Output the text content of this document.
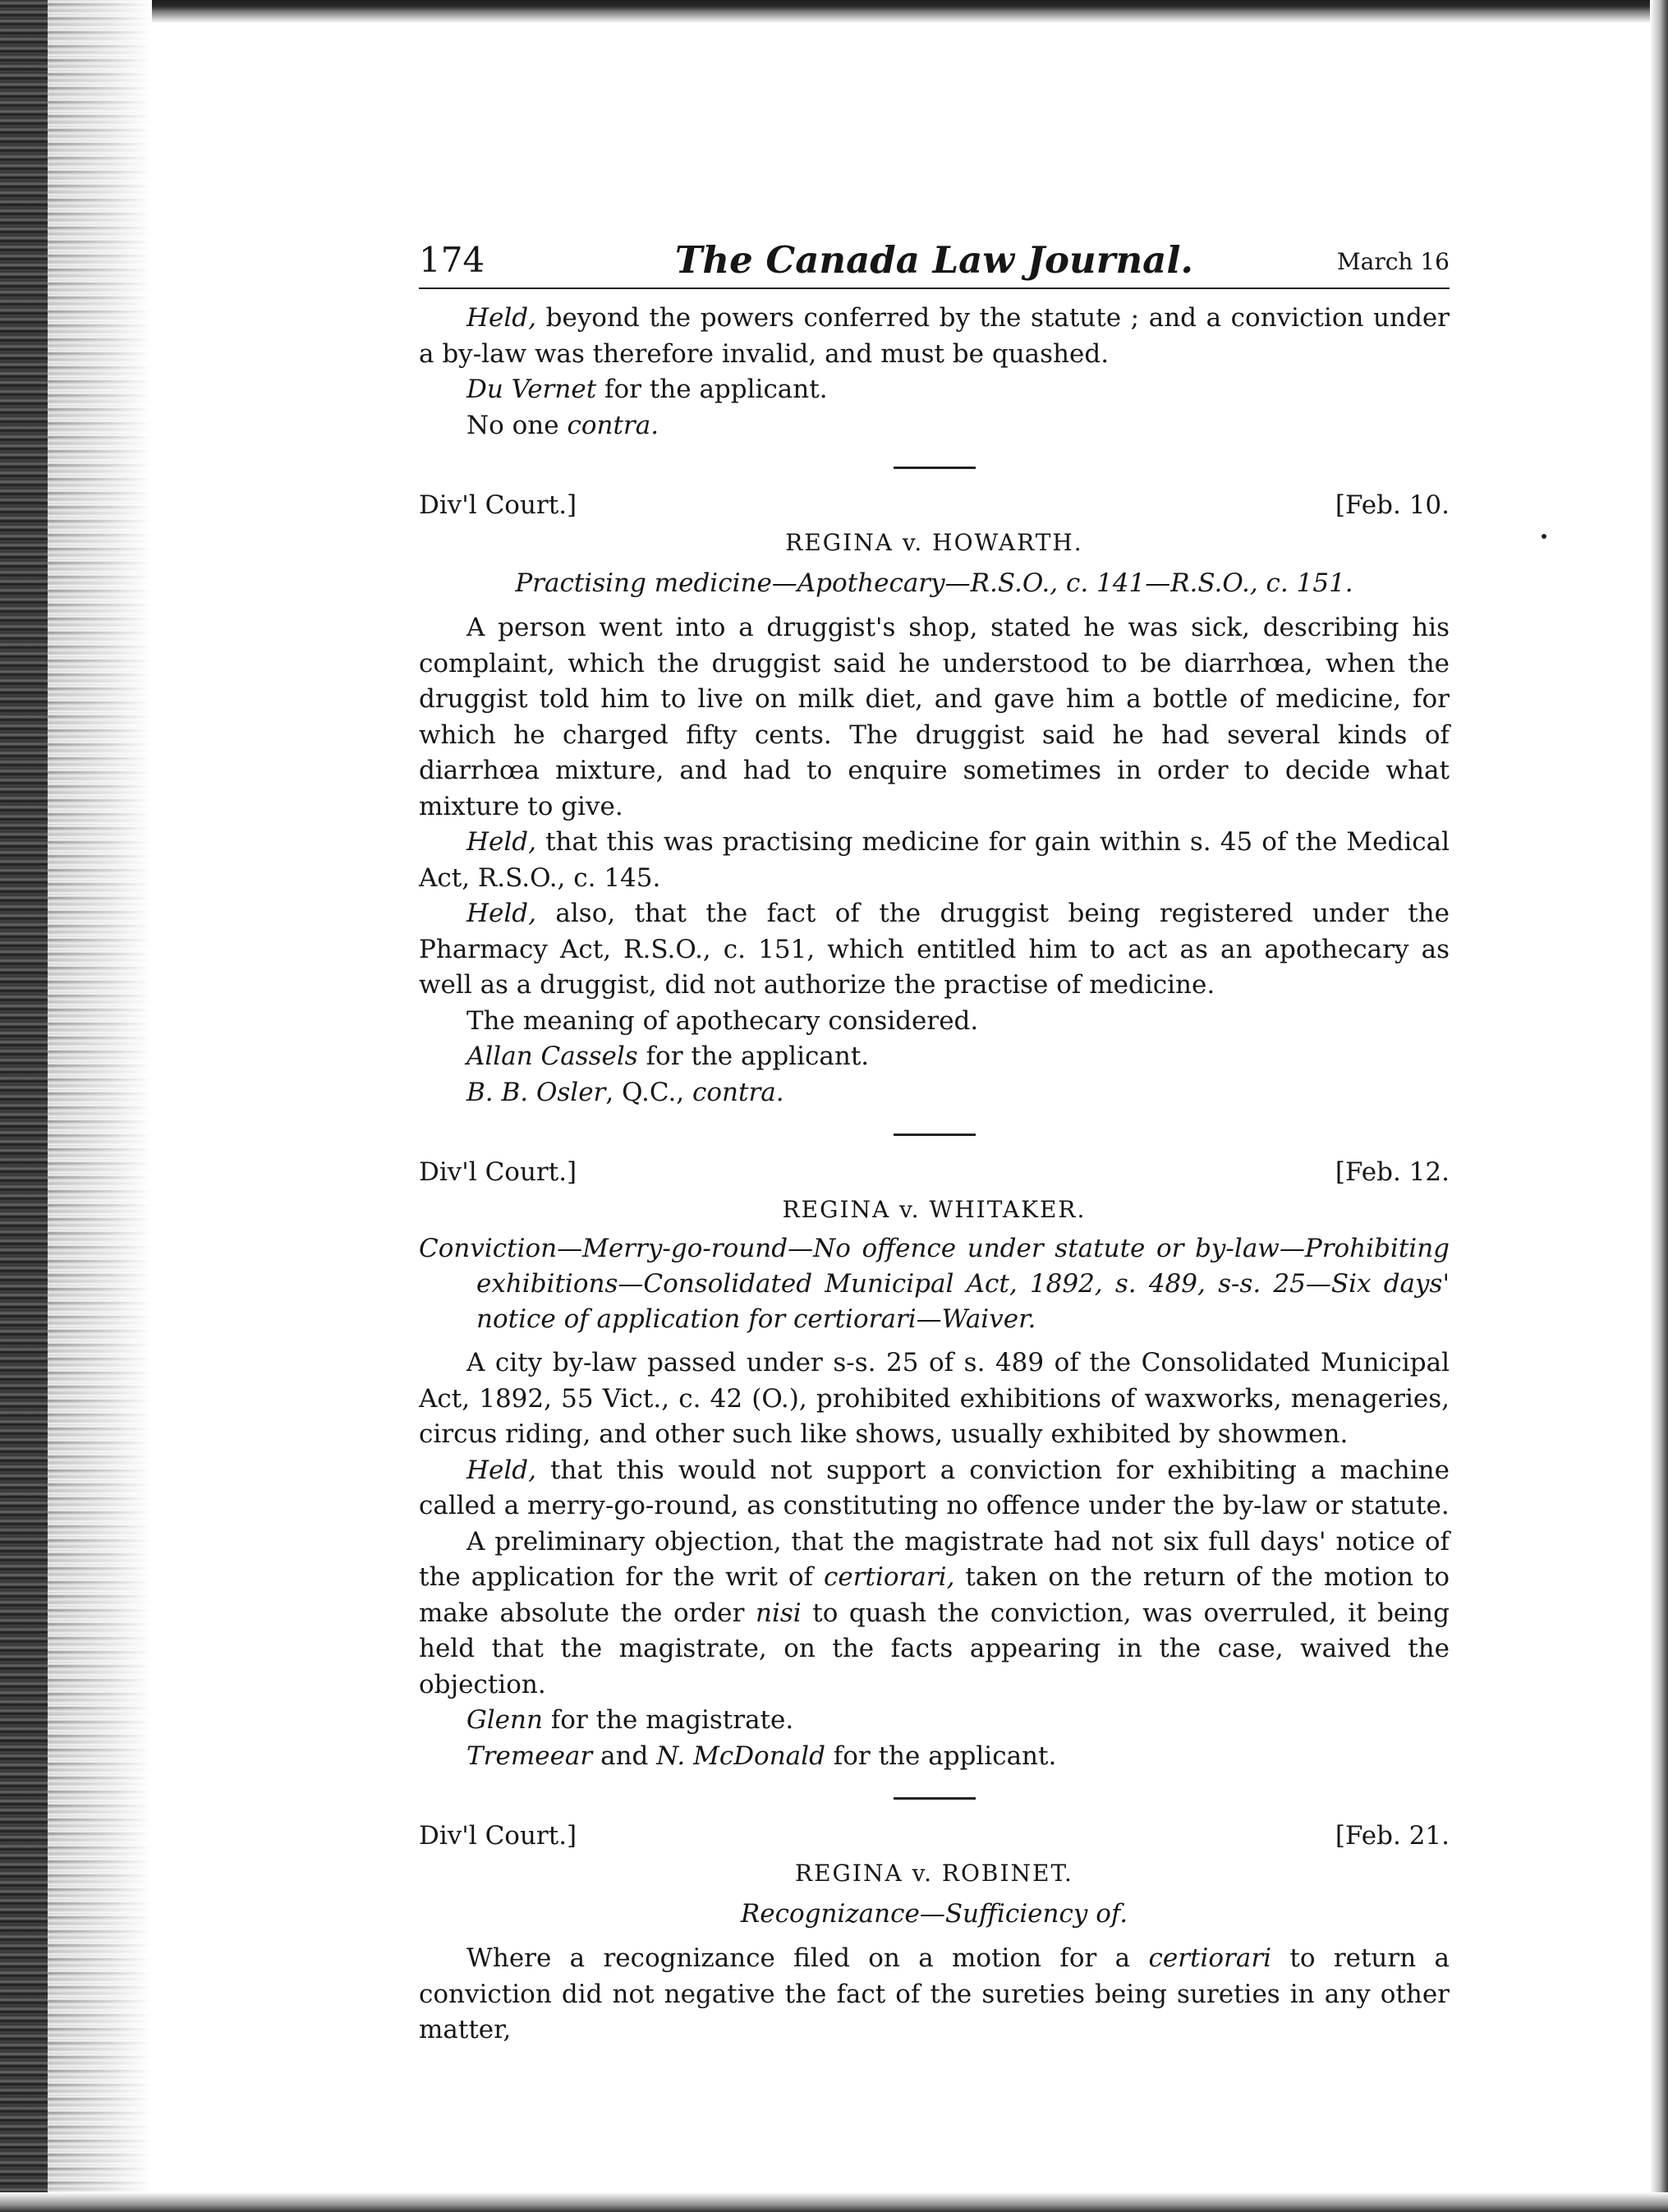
174	The Canada Law Journal.	March 16

Held, beyond the powers conferred by the statute ; and a conviction under a by-law was therefore invalid, and must be quashed.

Du Vernet for the applicant.

No one contra.

Div'l Court.]	[Feb. 10.
REGINA v. HOWARTH.
Practising medicine—Apothecary—R.S.O., c. 141—R.S.O., c. 151.

A person went into a druggist's shop, stated he was sick, describing his complaint, which the druggist said he understood to be diarrhœa, when the druggist told him to live on milk diet, and gave him a bottle of medicine, for which he charged fifty cents. The druggist said he had several kinds of diarrhœa mixture, and had to enquire sometimes in order to decide what mixture to give.

Held, that this was practising medicine for gain within s. 45 of the Medical Act, R.S.O., c. 145.

Held, also, that the fact of the druggist being registered under the Pharmacy Act, R.S.O., c. 151, which entitled him to act as an apothecary as well as a druggist, did not authorize the practise of medicine.

The meaning of apothecary considered.

Allan Cassels for the applicant.

B. B. Osler, Q.C., contra.

Div'l Court.]	[Feb. 12.
REGINA v. WHITAKER.
Conviction—Merry-go-round—No offence under statute or by-law—Prohibiting exhibitions—Consolidated Municipal Act, 1892, s. 489, s-s. 25—Six days' notice of application for certiorari—Waiver.

A city by-law passed under s-s. 25 of s. 489 of the Consolidated Municipal Act, 1892, 55 Vict., c. 42 (O.), prohibited exhibitions of waxworks, menageries, circus riding, and other such like shows, usually exhibited by showmen.

Held, that this would not support a conviction for exhibiting a machine called a merry-go-round, as constituting no offence under the by-law or statute.

A preliminary objection, that the magistrate had not six full days' notice of the application for the writ of certiorari, taken on the return of the motion to make absolute the order nisi to quash the conviction, was overruled, it being held that the magistrate, on the facts appearing in the case, waived the objection.

Glenn for the magistrate.

Tremeear and N. McDonald for the applicant.

Div'l Court.]	[Feb. 21.
REGINA v. ROBINET.
Recognizance—Sufficiency of.

Where a recognizance filed on a motion for a certiorari to return a conviction did not negative the fact of the sureties being sureties in any other matter,
